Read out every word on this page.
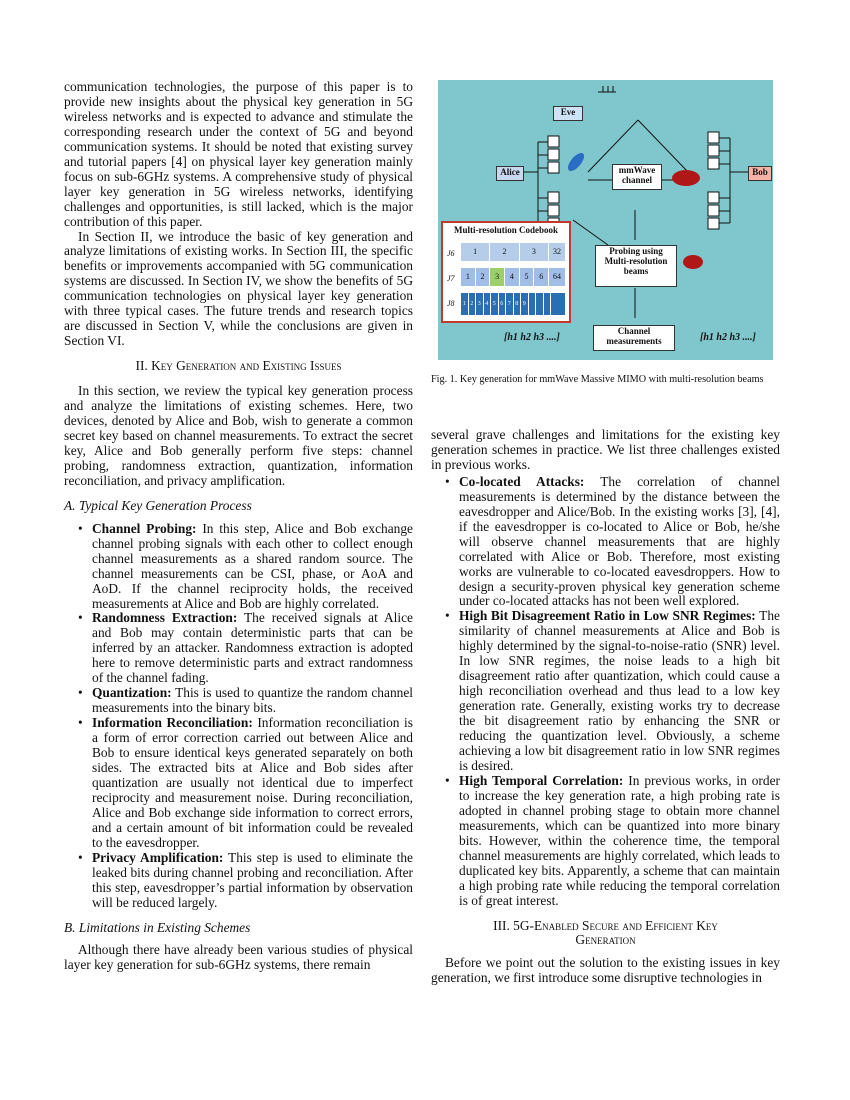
communication technologies, the purpose of this paper is to provide new insights about the physical key generation in 5G wireless networks and is expected to advance and stimulate the corresponding research under the context of 5G and beyond communication systems. It should be noted that existing survey and tutorial papers [4] on physical layer key generation mainly focus on sub-6GHz systems. A comprehensive study of physical layer key generation in 5G wireless networks, identifying challenges and opportunities, is still lacked, which is the major contribution of this paper.

In Section II, we introduce the basic of key generation and analyze limitations of existing works. In Section III, the specific benefits or improvements accompanied with 5G communication systems are discussed. In Section IV, we show the benefits of 5G communication technologies on physical layer key generation with three typical cases. The future trends and research topics are discussed in Section V, while the conclusions are given in Section VI.

II. Key Generation and Existing Issues

In this section, we review the typical key generation process and analyze the limitations of existing schemes. Here, two devices, denoted by Alice and Bob, wish to generate a common secret key based on channel measurements. To extract the secret key, Alice and Bob generally perform five steps: channel probing, randomness extraction, quantization, information reconciliation, and privacy amplification.

A. Typical Key Generation Process
• Channel Probing: In this step, Alice and Bob exchange channel probing signals with each other to collect enough channel measurements as a shared random source. The channel measurements can be CSI, phase, or AoA and AoD. If the channel reciprocity holds, the received measurements at Alice and Bob are highly correlated.
• Randomness Extraction: The received signals at Alice and Bob may contain deterministic parts that can be inferred by an attacker. Randomness extraction is adopted here to remove deterministic parts and extract randomness of the channel fading.
• Quantization: This is used to quantize the random channel measurements into the binary bits.
• Information Reconciliation: Information reconciliation is a form of error correction carried out between Alice and Bob to ensure identical keys generated separately on both sides. The extracted bits at Alice and Bob sides after quantization are usually not identical due to imperfect reciprocity and measurement noise. During reconciliation, Alice and Bob exchange side information to correct errors, and a certain amount of bit information could be revealed to the eavesdropper.
• Privacy Amplification: This step is used to eliminate the leaked bits during channel probing and reconciliation. After this step, eavesdropper’s partial information by observation will be reduced largely.
B. Limitations in Existing Schemes

Although there have already been various studies of physical layer key generation for sub-6GHz systems, there remain

Eve
Alice	Bob
mmWave channel
Probing using Multi-resolution beams
Channel measurements
[h1 h2 h3 ....]	[h1 h2 h3 ....]
Multi-resolution Codebook
J6
J7
J8
1	2	3	32
1	2	3	4	5	6	64
1 2 3 4 5 6 7 8 9
Fig. 1. Key generation for mmWave Massive MIMO with multi-resolution beams

several grave challenges and limitations for the existing key generation schemes in practice. We list three challenges existed in previous works.

• Co-located Attacks: The correlation of channel measurements is determined by the distance between the eavesdropper and Alice/Bob. In the existing works [3], [4], if the eavesdropper is co-located to Alice or Bob, he/she will observe channel measurements that are highly correlated with Alice or Bob. Therefore, most existing works are vulnerable to co-located eavesdroppers. How to design a security-proven physical key generation scheme under co-located attacks has not been well explored.
• High Bit Disagreement Ratio in Low SNR Regimes: The similarity of channel measurements at Alice and Bob is highly determined by the signal-to-noise-ratio (SNR) level. In low SNR regimes, the noise leads to a high bit disagreement ratio after quantization, which could cause a high reconciliation overhead and thus lead to a low key generation rate. Generally, existing works try to decrease the bit disagreement ratio by enhancing the SNR or reducing the quantization level. Obviously, a scheme achieving a low bit disagreement ratio in low SNR regimes is desired.
• High Temporal Correlation: In previous works, in order to increase the key generation rate, a high probing rate is adopted in channel probing stage to obtain more channel measurements, which can be quantized into more binary bits. However, within the coherence time, the temporal channel measurements are highly correlated, which leads to duplicated key bits. Apparently, a scheme that can maintain a high probing rate while reducing the temporal correlation is of great interest.
III. 5G-Enabled Secure and Efficient Key
Generation

Before we point out the solution to the existing issues in key generation, we first introduce some disruptive technologies in
